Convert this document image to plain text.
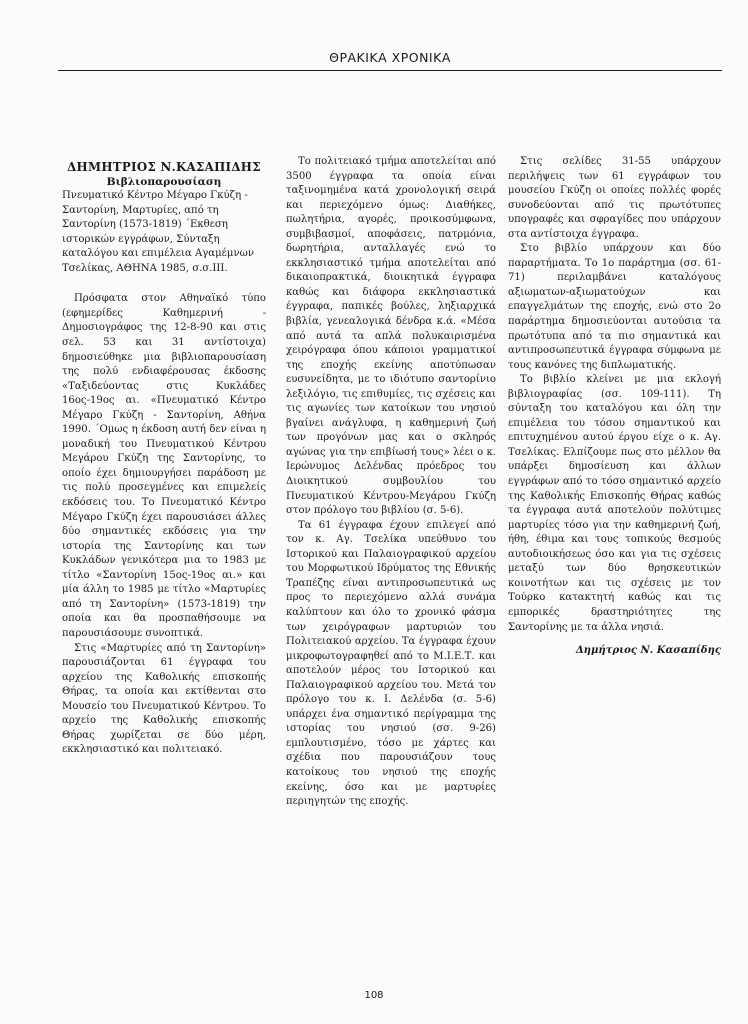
ΘΡΑΚΙΚΑ ΧΡΟΝΙΚΑ

ΔΗΜΗΤΡΙΟΣ Ν.ΚΑΣΑΠΙΔΗΣ

Βιβλιοπαρουσίαση

Πνευματικό Κέντρο Μέγαρο Γκύζη - Σαντορίνη, Μαρτυρίες, από τη Σαντορίνη (1573-1819) ΄Εκθεση ιστορικών εγγράφων, Σύνταξη καταλόγου και επιμέλεια Αγαμέμνων Τσελίκας, ΑΘΗΝΑ 1985, σ.σ.ΙΙΙ.

Πρόσφατα στον Αθηναϊκό τύπο (εφημερίδες Καθημερινή - Δημοσιογράφος της 12-8-90 και στις σελ. 53 και 31 αντίστοιχα) δημοσιεύθηκε μια βιβλιοπαρουσίαση της πολύ ενδιαφέρουσας έκδοσης «Ταξιδεύοντας στις Κυκλάδες 16ος-19ος αι. «Πνευματικό Κέντρο Μέγαρο Γκύζη - Σαντορίνη, Αθήνα 1990. ΄Ομως η έκδοση αυτή δεν είναι η μοναδική του Πνευματικού Κέντρου Μεγάρου Γκύζη της Σαντορίνης, το οποίο έχει δημιουργήσει παράδοση με τις πολύ προσεγμένες και επιμελείς εκδόσεις του. Το Πνευματικό Κέντρο Μέγαρο Γκύζη έχει παρουσιάσει άλλες δύο σημαντικές εκδόσεις για την ιστορία της Σαντορίνης και των Κυκλάδων γενικότερα μια το 1983 με τίτλο «Σαντορίνη 15ος-19ος αι.» και μία άλλη το 1985 με τίτλο «Μαρτυρίες από τη Σαντορίνη» (1573-1819) την οποία και θα προσπαθήσουμε να παρουσιάσουμε συνοπτικά.

Στις «Μαρτυρίες από τη Σαντορίνη» παρουσιάζονται 61 έγγραφα του αρχείου της Καθολικής επισκοπής Θήρας, τα οποία και εκτίθενται στο Μουσείο του Πνευματικού Κέντρου. Το αρχείο της Καθολικής επισκοπής Θήρας χωρίζεται σε δύο μέρη, εκκλησιαστικό και πολιτειακό.

Το πολιτειακό τμήμα αποτελείται από 3500 έγγραφα τα οποία είναι ταξινομημένα κατά χρονολογική σειρά και περιεχόμενο όμως: Διαθήκες, πωλητήρια, αγορές, προικοσύμφωνα, συμβιβασμοί, αποφάσεις, πατρμόνια, δωρητήρια, ανταλλαγές ενώ το εκκλησιαστικό τμήμα αποτελείται από δικαιοπρακτικά, διοικητικά έγγραφα καθώς και διάφορα εκκλησιαστικά έγγραφα, παπικές βούλες, ληξιαρχικά βιβλία, γενεαλογικά δένδρα κ.ά. «Μέσα από αυτά τα απλά πολυκαιρισμένα χειρόγραφα όπου κάποιοι γραμματικοί της εποχής εκείνης αποτύπωσαν ευσυνείδητα, με το ιδιότυπο σαντορίνιο λεξιλόγιο, τις επιθυμίες, τις σχέσεις και τις αγωνίες των κατοίκων του νησιού βγαίνει ανάγλυφα, η καθημερινή ζωή των προγόνων μας και ο σκληρός αγώνας για την επιβίωσή τους» λέει ο κ. Ιερώνυμος Δελένδας πρόεδρος του Διοικητικού συμβουλίου του Πνευματικού Κέντρου-Μεγάρου Γκύζη στον πρόλογο του βιβλίου (σ. 5-6).

Τα 61 έγγραφα έχουν επιλεγεί από τον κ. Αγ. Τσελίκα υπεύθυνο του Ιστορικού και Παλαιογραφικού αρχείου του Μορφωτικού Ιδρύματος της Εθνικής Τραπέζης είναι αντιπροσωπευτικά ως προς το περιεχόμενο αλλά συνάμα καλύπτουν και όλο το χρονικό φάσμα των χειρόγραφων μαρτυριών του Πολιτειακού αρχείου. Τα έγγραφα έχουν μικροφωτογραφηθεί από το Μ.Ι.Ε.Τ. και αποτελούν μέρος του Ιστορικού και Παλαιογραφικού αρχείου του. Μετά τον πρόλογο του κ. Ι. Δελένδα (σ. 5-6) υπάρχει ένα σημαντικό περίγραμμα της ιστορίας του νησιού (σσ. 9-26) εμπλουτισμένο, τόσο με χάρτες και σχέδια που παρουσιάζουν τους κατοίκους του νησιού της εποχής εκείνης, όσο και με μαρτυρίες περιηγητών της εποχής.

Στις σελίδες 31-55 υπάρχουν περιλήψεις των 61 εγγράφων του μουσείου Γκύζη οι οποίες πολλές φορές συνοδεύονται από τις πρωτότυπες υπογραφές και σφραγίδες που υπάρχουν στα αντίστοιχα έγγραφα.

Στο βιβλίο υπάρχουν και δύο παραρτήματα. Το 1ο παράρτημα (σσ. 61-71) περιλαμβάνει καταλόγους αξιωματων-αξιωματούχων και επαγγελμάτων της εποχής, ενώ στο 2ο παράρτημα δημοσιεύονται αυτούσια τα πρωτότυπα από τα πιο σημαντικά και αντιπροσωπευτικά έγγραφα σύμφωνα με τους κανόνες της διπλωματικής.

Το βιβλίο κλείνει με μια εκλογή βιβλιογραφίας (σσ. 109-111). Τη σύνταξη του καταλόγου και όλη την επιμέλεια του τόσου σημαντικού και επιτυχημένου αυτού έργου είχε ο κ. Αγ. Τσελίκας. Ελπίζουμε πως στο μέλλον θα υπάρξει δημοσίευση και άλλων εγγράφων από το τόσο σημαντικό αρχείο της Καθολικής Επισκοπής Θήρας καθώς τα έγγραφα αυτά αποτελούν πολύτιμες μαρτυρίες τόσο για την καθημερινή ζωή, ήθη, έθιμα και τους τοπικούς θεσμούς αυτοδιοικήσεως όσο και για τις σχέσεις μεταξύ των δύο θρησκευτικών κοινοτήτων και τις σχέσεις με τον Τούρκο κατακτητή καθώς και τις εμπορικές δραστηριότητες της Σαντορίνης με τα άλλα νησιά.

Δημήτριος Ν. Κασαπίδης

108
